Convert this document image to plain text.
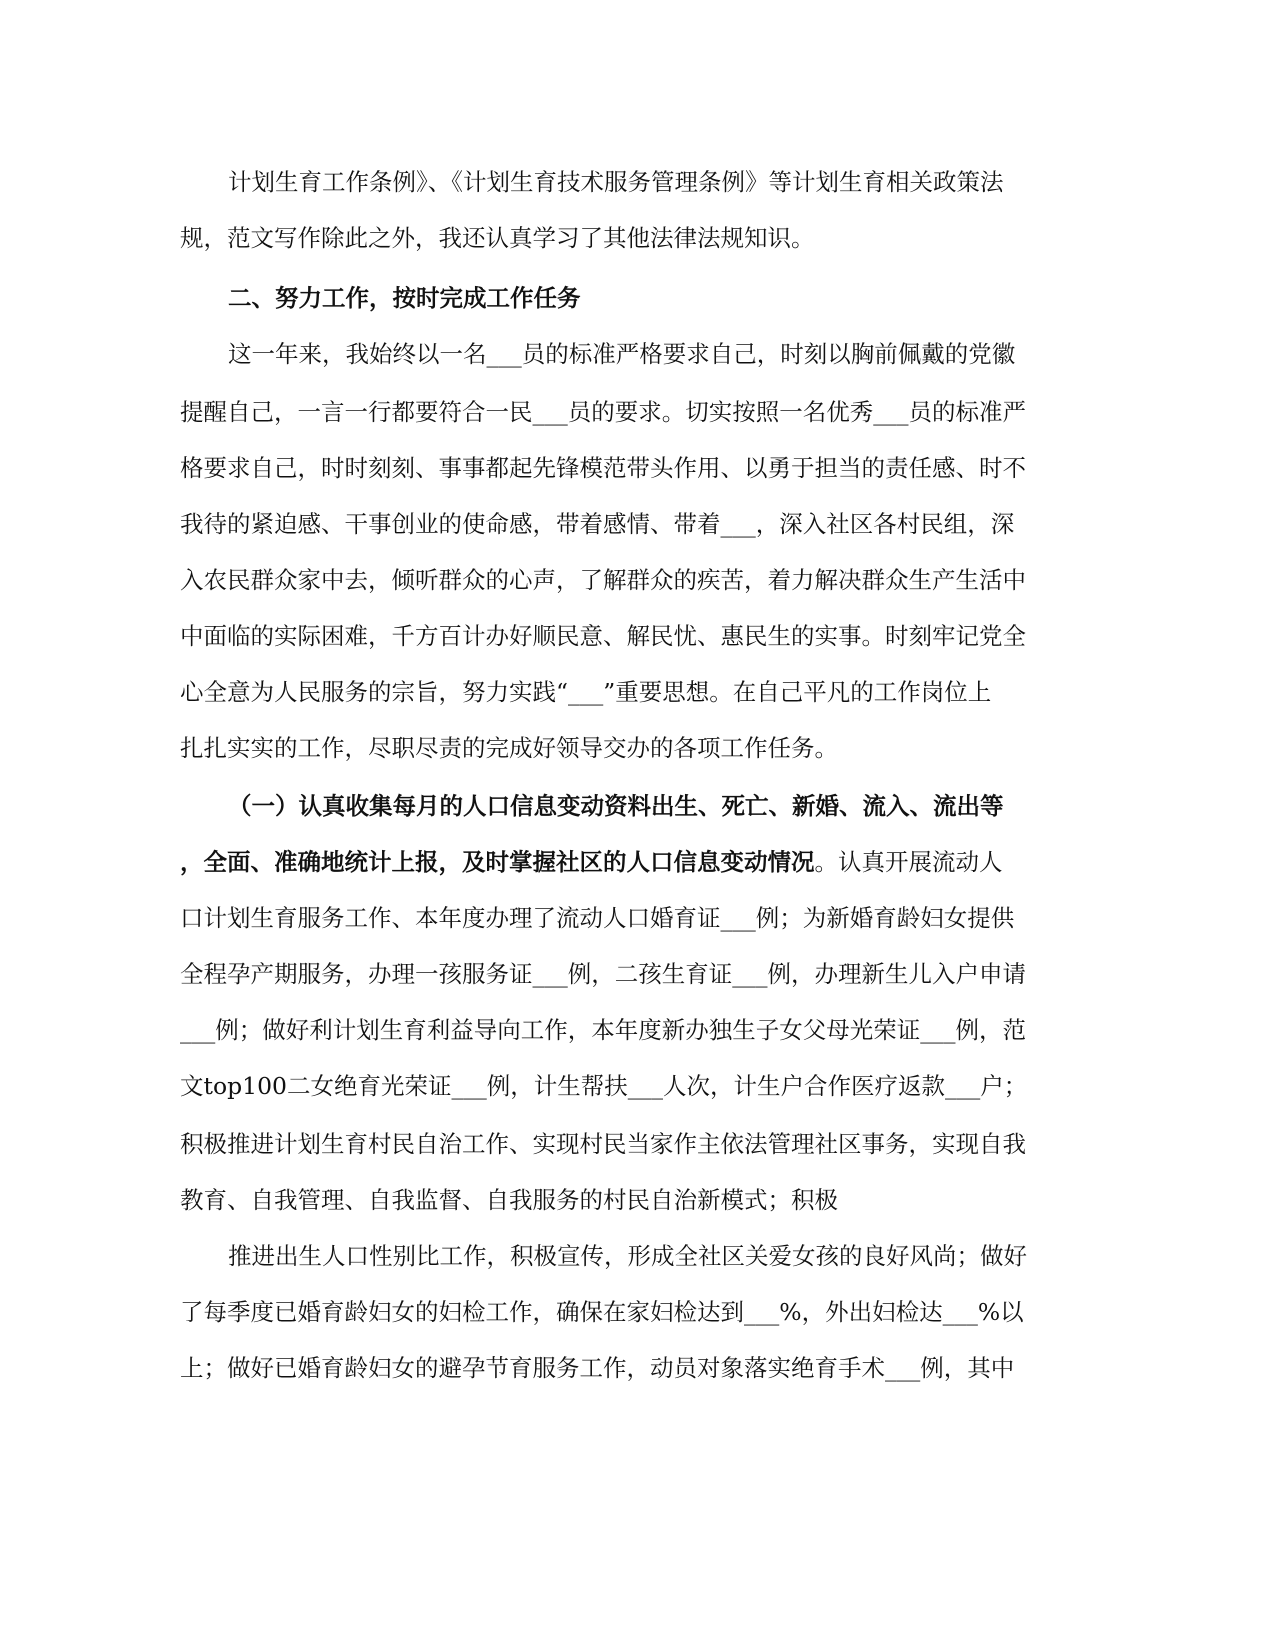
计划生育工作条例》、《计划生育技术服务管理条例》等计划生育相关政策法

规，范文写作除此之外，我还认真学习了其他法律法规知识。

二、努力工作，按时完成工作任务

这一年来，我始终以一名___员的标准严格要求自己，时刻以胸前佩戴的党徽

提醒自己，一言一行都要符合一民___员的要求。切实按照一名优秀___员的标准严

格要求自己，时时刻刻、事事都起先锋模范带头作用、以勇于担当的责任感、时不

我待的紧迫感、干事创业的使命感，带着感情、带着___，深入社区各村民组，深

入农民群众家中去，倾听群众的心声，了解群众的疾苦，着力解决群众生产生活中

中面临的实际困难，千方百计办好顺民意、解民忧、惠民生的实事。时刻牢记党全

心全意为人民服务的宗旨，努力实践“___”重要思想。在自己平凡的工作岗位上

扎扎实实的工作，尽职尽责的完成好领导交办的各项工作任务。

（一）认真收集每月的人口信息变动资料出生、死亡、新婚、流入、流出等

，全面、准确地统计上报，及时掌握社区的人口信息变动情况。认真开展流动人

口计划生育服务工作、本年度办理了流动人口婚育证___例；为新婚育龄妇女提供

全程孕产期服务，办理一孩服务证___例，二孩生育证___例，办理新生儿入户申请

___例；做好利计划生育利益导向工作，本年度新办独生子女父母光荣证___例，范

文top100二女绝育光荣证___例，计生帮扶___人次，计生户合作医疗返款___户；

积极推进计划生育村民自治工作、实现村民当家作主依法管理社区事务，实现自我

教育、自我管理、自我监督、自我服务的村民自治新模式；积极

推进出生人口性别比工作，积极宣传，形成全社区关爱女孩的良好风尚；做好

了每季度已婚育龄妇女的妇检工作，确保在家妇检达到___%，外出妇检达___%以

上；做好已婚育龄妇女的避孕节育服务工作，动员对象落实绝育手术___例，其中
